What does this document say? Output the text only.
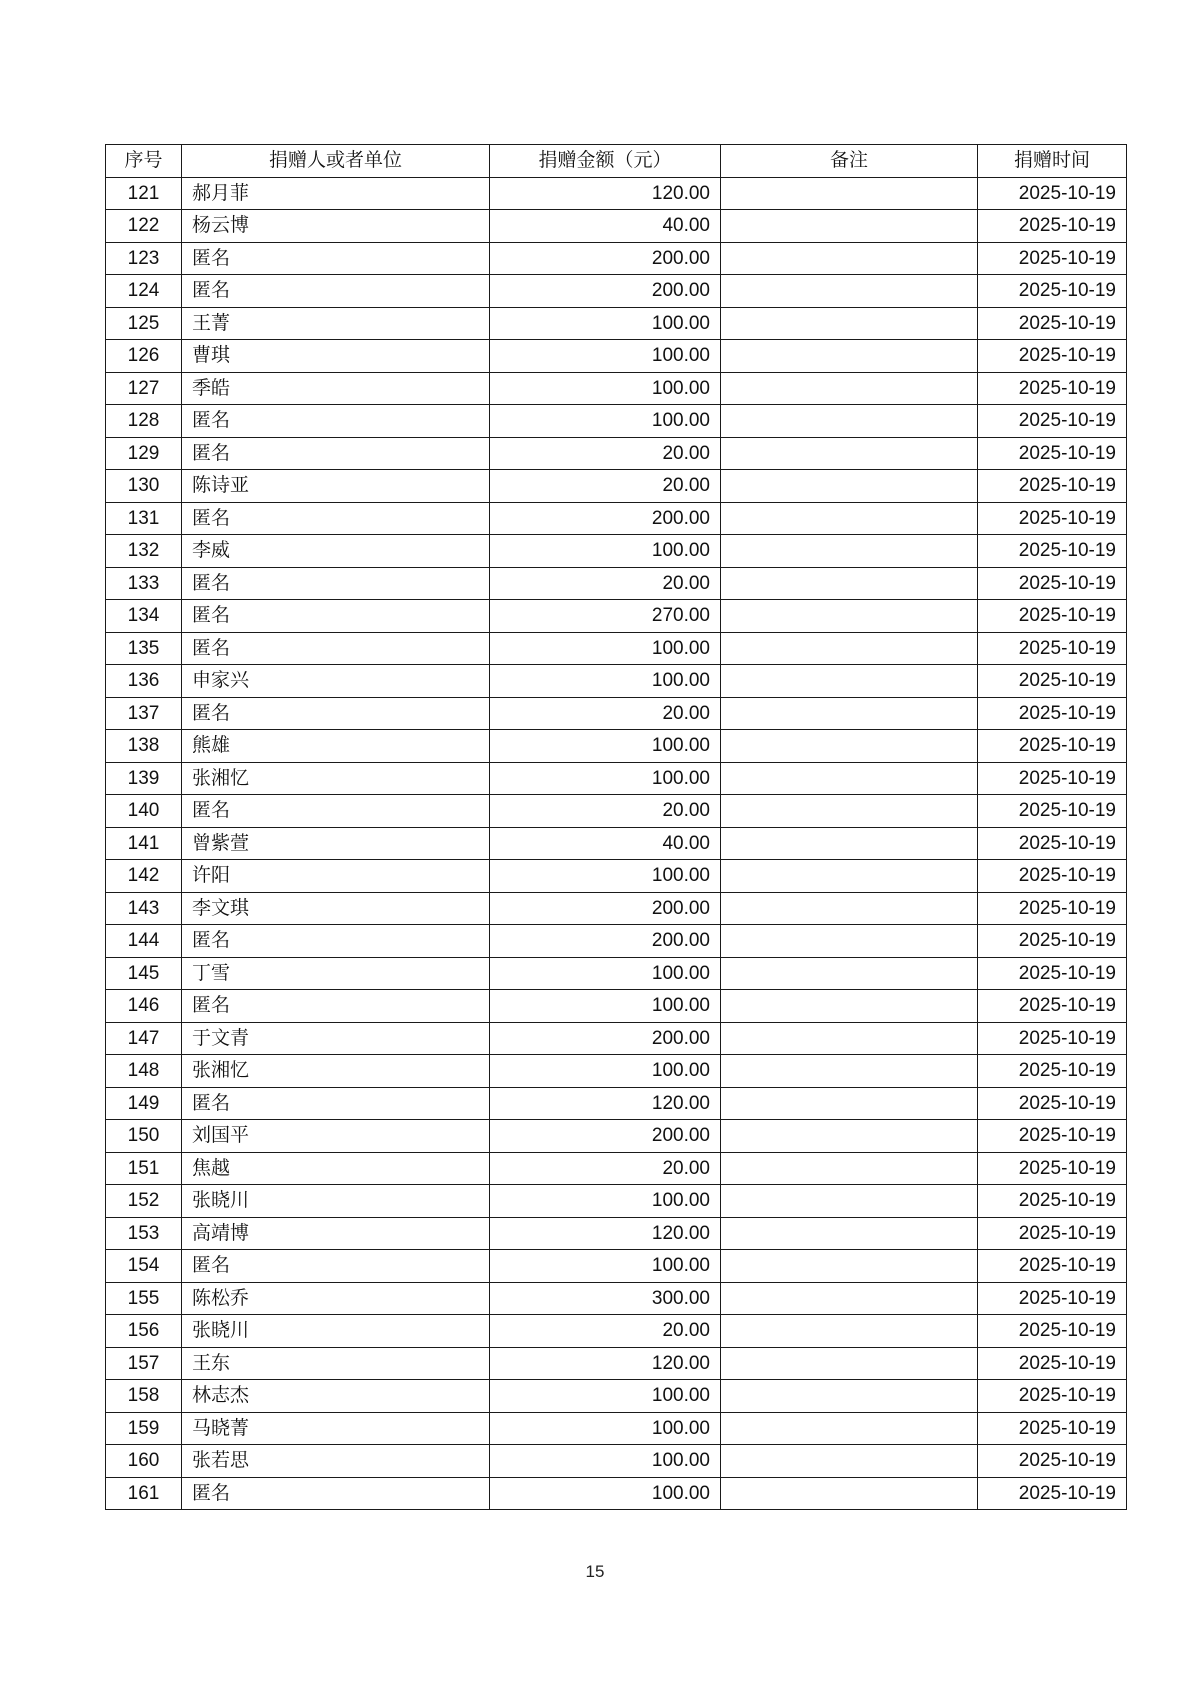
序号	捐赠人或者单位	捐赠金额（元）	备注	捐赠时间
121	郝月菲	120.00		2025-10-19
122	杨云博	40.00		2025-10-19
123	匿名	200.00		2025-10-19
124	匿名	200.00		2025-10-19
125	王菁	100.00		2025-10-19
126	曹琪	100.00		2025-10-19
127	季皓	100.00		2025-10-19
128	匿名	100.00		2025-10-19
129	匿名	20.00		2025-10-19
130	陈诗亚	20.00		2025-10-19
131	匿名	200.00		2025-10-19
132	李威	100.00		2025-10-19
133	匿名	20.00		2025-10-19
134	匿名	270.00		2025-10-19
135	匿名	100.00		2025-10-19
136	申家兴	100.00		2025-10-19
137	匿名	20.00		2025-10-19
138	熊雄	100.00		2025-10-19
139	张湘忆	100.00		2025-10-19
140	匿名	20.00		2025-10-19
141	曾紫萱	40.00		2025-10-19
142	许阳	100.00		2025-10-19
143	李文琪	200.00		2025-10-19
144	匿名	200.00		2025-10-19
145	丁雪	100.00		2025-10-19
146	匿名	100.00		2025-10-19
147	于文青	200.00		2025-10-19
148	张湘忆	100.00		2025-10-19
149	匿名	120.00		2025-10-19
150	刘国平	200.00		2025-10-19
151	焦越	20.00		2025-10-19
152	张晓川	100.00		2025-10-19
153	高靖博	120.00		2025-10-19
154	匿名	100.00		2025-10-19
155	陈松乔	300.00		2025-10-19
156	张晓川	20.00		2025-10-19
157	王东	120.00		2025-10-19
158	林志杰	100.00		2025-10-19
159	马晓菁	100.00		2025-10-19
160	张若思	100.00		2025-10-19
161	匿名	100.00		2025-10-19
15
